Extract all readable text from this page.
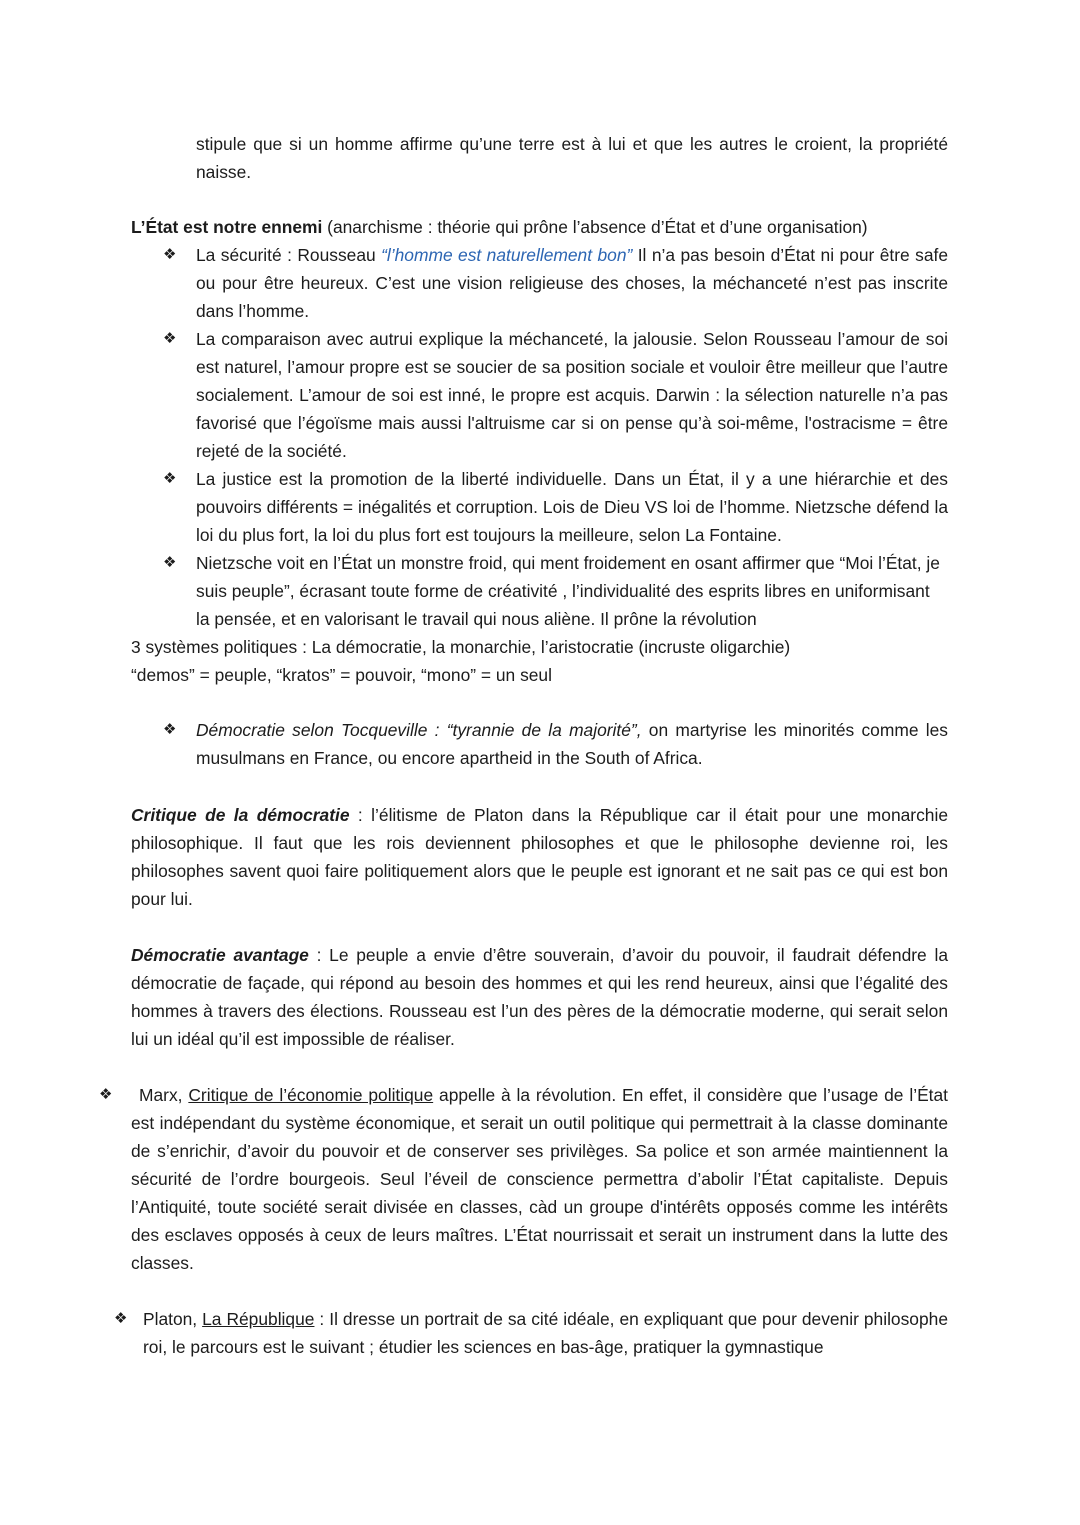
stipule que si un homme affirme qu’une terre est à lui et que les autres le croient, la propriété naisse.

L’État est notre ennemi (anarchisme : théorie qui prône l’absence d’État et d’une organisation)

❖ La sécurité : Rousseau “l’homme est naturellement bon” Il n’a pas besoin d’État ni pour être safe ou pour être heureux. C’est une vision religieuse des choses, la méchanceté n’est pas inscrite dans l’homme.

❖ La comparaison avec autrui explique la méchanceté, la jalousie. Selon Rousseau l’amour de soi est naturel, l’amour propre est se soucier de sa position sociale et vouloir être meilleur que l’autre socialement. L’amour de soi est inné, le propre est acquis. Darwin : la sélection naturelle n’a pas favorisé que l’égoïsme mais aussi l'altruisme car si on pense qu’à soi-même, l'ostracisme = être rejeté de la société.

❖ La justice est la promotion de la liberté individuelle. Dans un État, il y a une hiérarchie et des pouvoirs différents = inégalités et corruption. Lois de Dieu VS loi de l’homme. Nietzsche défend la loi du plus fort, la loi du plus fort est toujours la meilleure, selon La Fontaine.

❖ Nietzsche voit en l’État un monstre froid, qui ment froidement en osant affirmer que “Moi l’État, je suis peuple”, écrasant toute forme de créativité , l’individualité des esprits libres en uniformisant la pensée, et en valorisant le travail qui nous aliène. Il prône la révolution

3 systèmes politiques : La démocratie, la monarchie, l’aristocratie (incruste oligarchie)

“demos” = peuple, “kratos” = pouvoir, “mono” = un seul

❖ Démocratie selon Tocqueville : “tyrannie de la majorité”, on martyrise les minorités comme les musulmans en France, ou encore apartheid in the South of Africa.

Critique de la démocratie : l’élitisme de Platon dans la République car il était pour une monarchie philosophique. Il faut que les rois deviennent philosophes et que le philosophe devienne roi, les philosophes savent quoi faire politiquement alors que le peuple est ignorant et ne sait pas ce qui est bon pour lui.

Démocratie avantage : Le peuple a envie d’être souverain, d’avoir du pouvoir, il faudrait défendre la démocratie de façade, qui répond au besoin des hommes et qui les rend heureux, ainsi que l’égalité des hommes à travers des élections. Rousseau est l’un des pères de la démocratie moderne, qui serait selon lui un idéal qu’il est impossible de réaliser.

❖	Marx, Critique de l’économie politique appelle à la révolution. En effet, il considère que l’usage de l’État est indépendant du système économique, et serait un outil politique qui permettrait à la classe dominante de s’enrichir, d’avoir du pouvoir et de conserver ses privilèges. Sa police et son armée maintiennent la sécurité de l’ordre bourgeois. Seul l’éveil de conscience permettra d’abolir l’État capitaliste. Depuis l’Antiquité, toute société serait divisée en classes, càd un groupe d'intérêts opposés comme les intérêts des esclaves opposés à ceux de leurs maîtres. L’État nourrissait et serait un instrument dans la lutte des classes.

❖ Platon, La République : Il dresse un portrait de sa cité idéale, en expliquant que pour devenir philosophe roi, le parcours est le suivant ; étudier les sciences en bas-âge, pratiquer la gymnastique
